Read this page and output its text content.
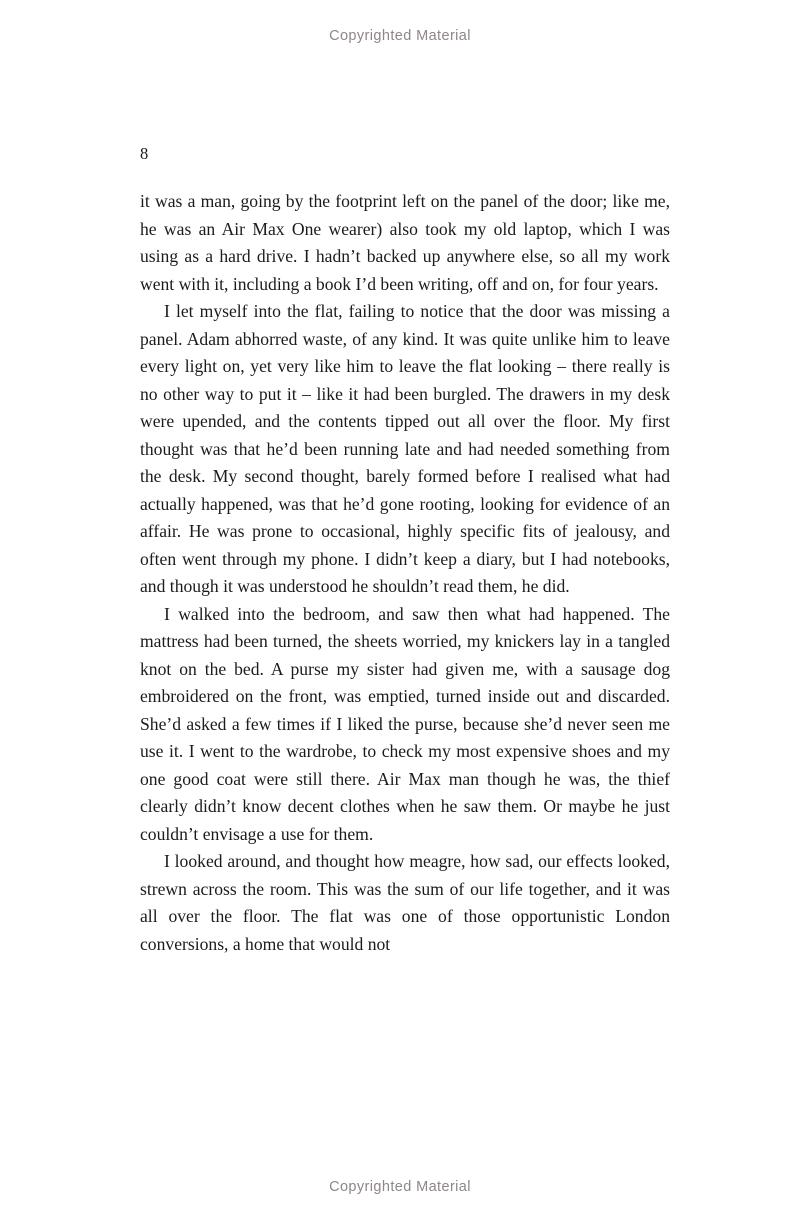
Copyrighted Material
8

it was a man, going by the footprint left on the panel of the door; like me, he was an Air Max One wearer) also took my old laptop, which I was using as a hard drive. I hadn’t backed up anywhere else, so all my work went with it, including a book I’d been writing, off and on, for four years.

I let myself into the flat, failing to notice that the door was missing a panel. Adam abhorred waste, of any kind. It was quite unlike him to leave every light on, yet very like him to leave the flat looking – there really is no other way to put it – like it had been burgled. The drawers in my desk were upended, and the contents tipped out all over the floor. My first thought was that he’d been running late and had needed something from the desk. My second thought, barely formed before I realised what had actually happened, was that he’d gone rooting, looking for evidence of an affair. He was prone to occasional, highly specific fits of jealousy, and often went through my phone. I didn’t keep a diary, but I had notebooks, and though it was understood he shouldn’t read them, he did.

I walked into the bedroom, and saw then what had happened. The mattress had been turned, the sheets worried, my knickers lay in a tangled knot on the bed. A purse my sister had given me, with a sausage dog embroidered on the front, was emptied, turned inside out and discarded. She’d asked a few times if I liked the purse, because she’d never seen me use it. I went to the wardrobe, to check my most expensive shoes and my one good coat were still there. Air Max man though he was, the thief clearly didn’t know decent clothes when he saw them. Or maybe he just couldn’t envisage a use for them.

I looked around, and thought how meagre, how sad, our effects looked, strewn across the room. This was the sum of our life together, and it was all over the floor. The flat was one of those opportunistic London conversions, a home that would not

Copyrighted Material
